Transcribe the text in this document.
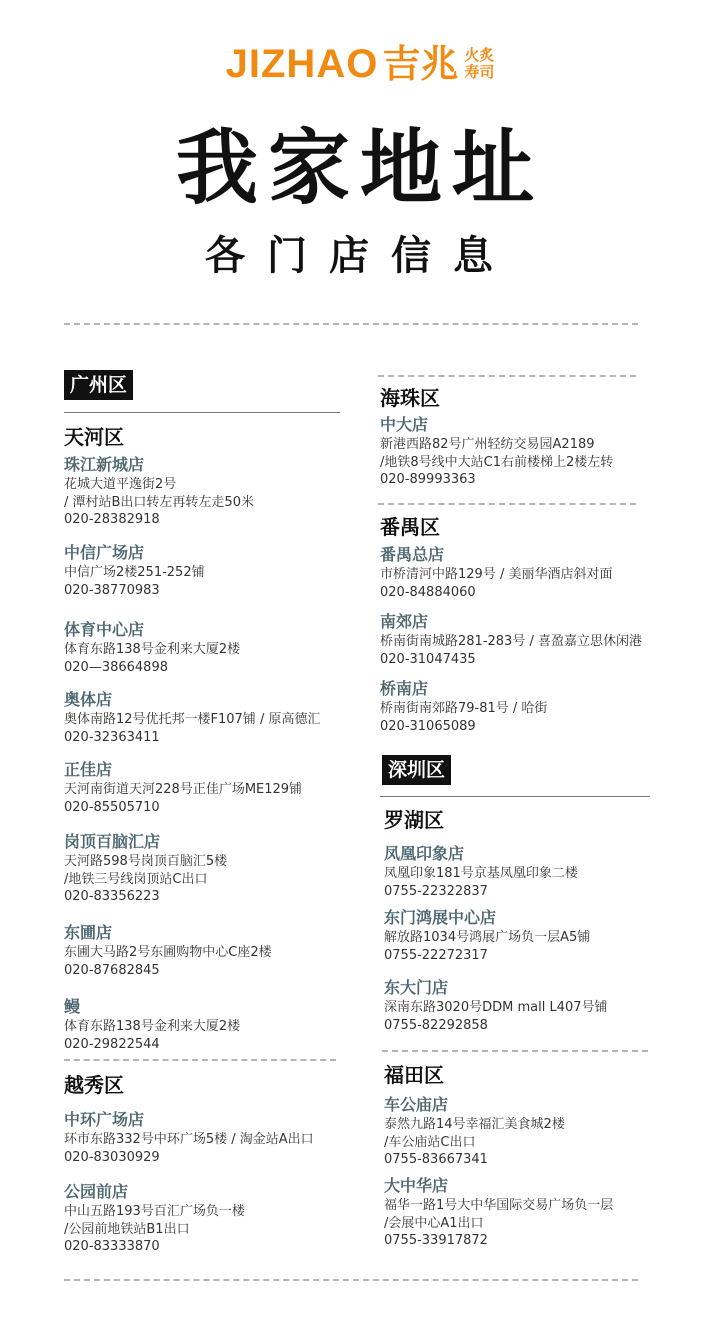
JIZHAO 吉兆 火炙
寿司
我家地址
各门店信息
广州区
天河区
珠江新城店
花城大道平逸街2号
/ 潭村站B出口转左再转左走50米
020-28382918
中信广场店
中信广场2楼251-252铺
020-38770983
体育中心店
体育东路138号金利来大厦2楼
020—38664898
奥体店
奥体南路12号优托邦一楼F107铺 / 原高德汇
020-32363411
正佳店
天河南街道天河228号正佳广场ME129铺
020-85505710
岗顶百脑汇店
天河路598号岗顶百脑汇5楼
/地铁三号线岗顶站C出口
020-83356223
东圃店
东圃大马路2号东圃购物中心C座2楼
020-87682845
鳗
体育东路138号金利来大厦2楼
020-29822544
越秀区
中环广场店
环市东路332号中环广场5楼 / 淘金站A出口
020-83030929
公园前店
中山五路193号百汇广场负一楼
/公园前地铁站B1出口
020-83333870
海珠区
中大店
新港西路82号广州轻纺交易园A2189
/地铁8号线中大站C1右前楼梯上2楼左转
020-89993363
番禺区
番禺总店
市桥清河中路129号 / 美丽华酒店斜对面
020-84884060
南郊店
桥南街南城路281-283号 / 喜盈嘉立思休闲港
020-31047435
桥南店
桥南街南郊路79-81号 / 哈街
020-31065089
深圳区
罗湖区
凤凰印象店
凤凰印象181号京基凤凰印象二楼
0755-22322837
东门鸿展中心店
解放路1034号鸿展广场负一层A5铺
0755-22272317
东大门店
深南东路3020号DDM mall L407号铺
0755-82292858
福田区
车公庙店
泰然九路14号幸福汇美食城2楼
/车公庙站C出口
0755-83667341
大中华店
福华一路1号大中华国际交易广场负一层
/会展中心A1出口
0755-33917872
